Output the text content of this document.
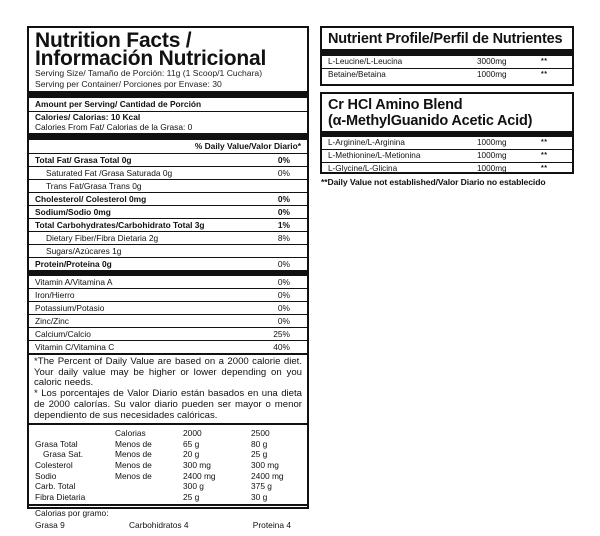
Nutrition Facts /
Información Nutricional
Serving Size/ Tamaño de Porción: 11g (1 Scoop/1 Cuchara)
Serving per Container/ Porciones por Envase: 30
Amount per Serving/ Cantidad de Porción
Calories/ Calorias: 10 Kcal
Calories From Fat/ Calorias de la Grasa: 0
% Daily Value/Valor Diario*
Total Fat/ Grasa Total 0g	0%
Saturated Fat /Grasa Saturada 0g	0%
Trans Fat/Grasa Trans 0g
Cholesterol/ Colesterol 0mg	0%
Sodium/Sodio 0mg	0%
Total Carbohydrates/Carbohidrato Total 3g	1%
Dietary Fiber/Fibra Dietaria 2g	8%
Sugars/Azúcares 1g
Protein/Proteina 0g	0%
Vitamin A/Vitamina A	0%
Iron/Hierro	0%
Potassium/Potasio	0%
Zinc/Zinc	0%
Calcium/Calcio	25%
Vitamin C/Vitamina C	40%
*The Percent of Daily Value are based on a 2000 calorie diet. Your daily value may be higher or lower depending on you caloric needs.
* Los porcentajes de Valor Diario están basados en una dieta de 2000 calorías. Su valor diario pueden ser mayor o menor dependiento de sus necesidades calóricas.
	Calorias	2000	2500
Grasa Total	Menos de	65 g	80 g
Grasa Sat.	Menos de	20 g	25 g
Colesterol	Menos de	300 mg	300 mg
Sodio	Menos de	2400 mg	2400 mg
Carb. Total		300 g	375 g
Fibra Dietaria		25 g	30 g
Calorias por gramo:
Grasa 9	Carbohidratos 4	Proteina 4
Nutrient Profile/Perfil de Nutrientes
L-Leucine/L-Leucina	3000mg	**
Betaine/Betaina	1000mg	**
Cr HCl Amino Blend
(α-MethylGuanido Acetic Acid)
L-Arginine/L-Arginina	1000mg	**
L-Methionine/L-Metionina	1000mg	**
L-Glycine/L-Glicina	1000mg	**
**Daily Value not established/Valor Diario no establecido
